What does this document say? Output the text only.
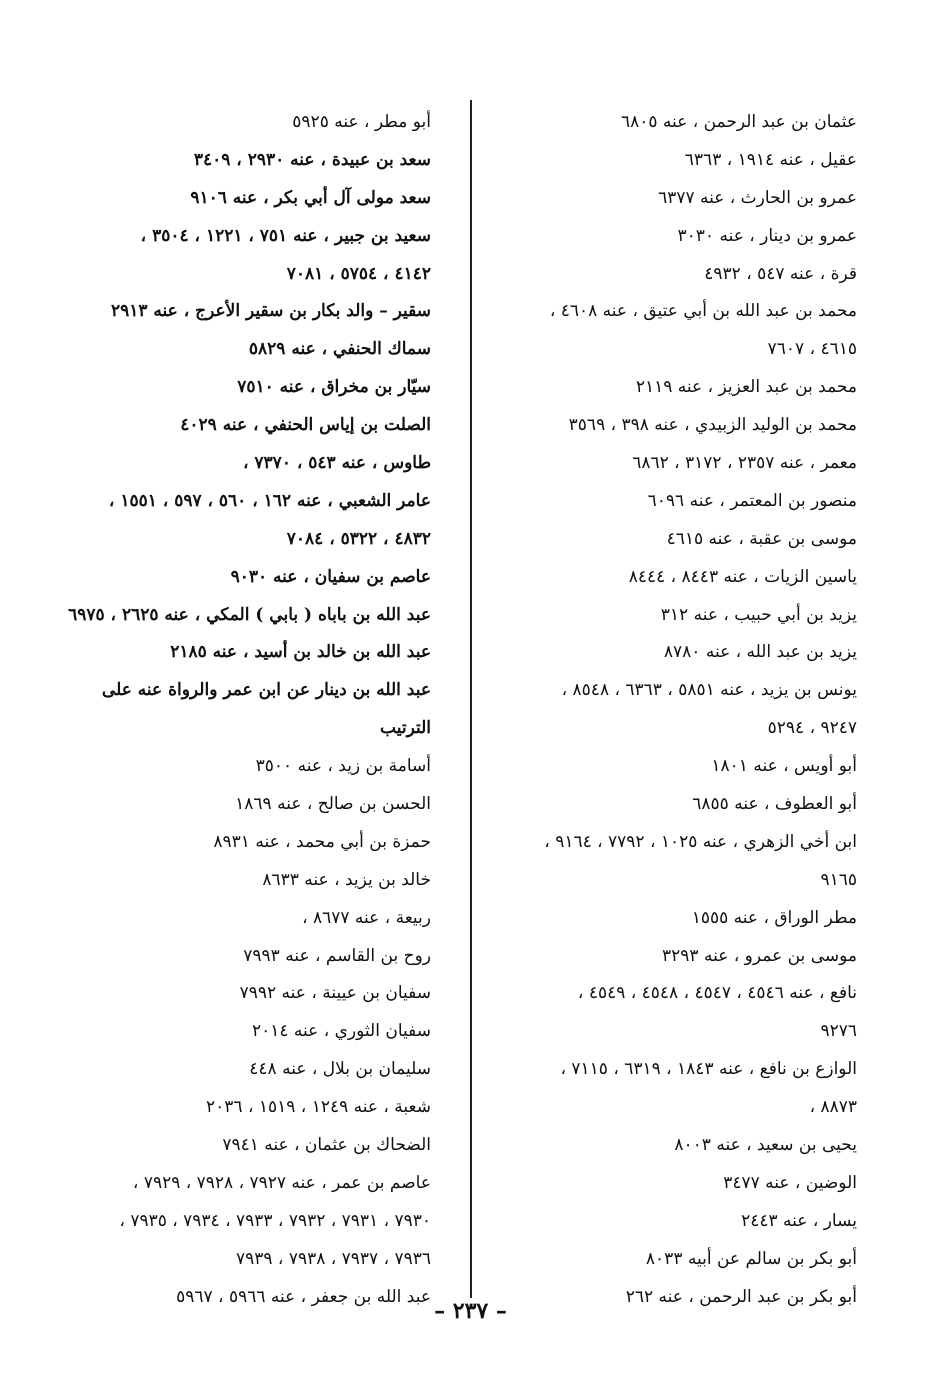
عثمان بن عبد الرحمن ، عنه ٦٨٠٥
عقيل ، عنه ١٩١٤ ، ٦٣٦٣
عمرو بن الحارث ، عنه ٦٣٧٧
عمرو بن دينار ، عنه ٣٠٣٠
قرة ، عنه ٥٤٧ ، ٤٩٣٢
محمد بن عبد الله بن أبي عتيق ، عنه ٤٦٠٨ ،
٤٦١٥ ، ٧٦٠٧
محمد بن عبد العزيز ، عنه ٢١١٩
محمد بن الوليد الزبيدي ، عنه ٣٩٨ ، ٣٥٦٩
معمر ، عنه ٢٣٥٧ ، ٣١٧٢ ، ٦٨٦٢
منصور بن المعتمر ، عنه ٦٠٩٦
موسى بن عقبة ، عنه ٤٦١٥
ياسين الزيات ، عنه ٨٤٤٣ ، ٨٤٤٤
يزيد بن أبي حبيب ، عنه ٣١٢
يزيد بن عبد الله ، عنه ٨٧٨٠
يونس بن يزيد ، عنه ٥٨٥١ ، ٦٣٦٣ ، ٨٥٤٨ ،
٩٢٤٧ ، ٥٢٩٤
أبو أويس ، عنه ١٨٠١
أبو العطوف ، عنه ٦٨٥٥
ابن أخي الزهري ، عنه ١٠٢٥ ، ٧٧٩٢ ، ٩١٦٤ ،
٩١٦٥
مطر الوراق ، عنه ١٥٥٥
موسى بن عمرو ، عنه ٣٢٩٣
نافع ، عنه ٤٥٤٦ ، ٤٥٤٧ ، ٤٥٤٨ ، ٤٥٤٩ ،
٩٢٧٦
الوازع بن نافع ، عنه ١٨٤٣ ، ٦٣١٩ ، ٧١١٥ ،
٨٨٧٣ ،
يحيى بن سعيد ، عنه ٨٠٠٣
الوضين ، عنه ٣٤٧٧
يسار ، عنه ٢٤٤٣
أبو بكر بن سالم عن أبيه ٨٠٣٣
أبو بكر بن عبد الرحمن ، عنه ٢٦٢
أبو مطر ، عنه ٥٩٢٥
سعد بن عبيدة ، عنه ٢٩٣٠ ، ٣٤٠٩
سعد مولى آل أبي بكر ، عنه ٩١٠٦
سعيد بن جبير ، عنه ٧٥١ ، ١٢٢١ ، ٣٥٠٤ ،
٤١٤٢ ، ٥٧٥٤ ، ٧٠٨١
سقير – والد بكار بن سقير الأعرج ، عنه ٢٩١٣
سماك الحنفي ، عنه ٥٨٢٩
سيّار بن مخراق ، عنه ٧٥١٠
الصلت بن إياس الحنفي ، عنه ٤٠٢٩
طاوس ، عنه ٥٤٣ ، ٧٣٧٠ ،
عامر الشعبي ، عنه ١٦٢ ، ٥٦٠ ، ٥٩٧ ، ١٥٥١ ،
٤٨٣٢ ، ٥٣٢٢ ، ٧٠٨٤
عاصم بن سفيان ، عنه ٩٠٣٠
عبد الله بن باباه ( بابي ) المكي ، عنه ٢٦٢٥ ، ٦٩٧٥
عبد الله بن خالد بن أسيد ، عنه ٢١٨٥
عبد الله بن دينار عن ابن عمر والرواة عنه على
الترتيب
أسامة بن زيد ، عنه ٣٥٠٠
الحسن بن صالح ، عنه ١٨٦٩
حمزة بن أبي محمد ، عنه ٨٩٣١
خالد بن يزيد ، عنه ٨٦٣٣
ربيعة ، عنه ٨٦٧٧ ،
روح بن القاسم ، عنه ٧٩٩٣
سفيان بن عيينة ، عنه ٧٩٩٢
سفيان الثوري ، عنه ٢٠١٤
سليمان بن بلال ، عنه ٤٤٨
شعبة ، عنه ١٢٤٩ ، ١٥١٩ ، ٢٠٣٦
الضحاك بن عثمان ، عنه ٧٩٤١
عاصم بن عمر ، عنه ٧٩٢٧ ، ٧٩٢٨ ، ٧٩٢٩ ،
٧٩٣٠ ، ٧٩٣١ ، ٧٩٣٢ ، ٧٩٣٣ ، ٧٩٣٤ ، ٧٩٣٥ ،
٧٩٣٦ ، ٧٩٣٧ ، ٧٩٣٨ ، ٧٩٣٩
عبد الله بن جعفر ، عنه ٥٩٦٦ ، ٥٩٦٧
– ٢٣٧ –
